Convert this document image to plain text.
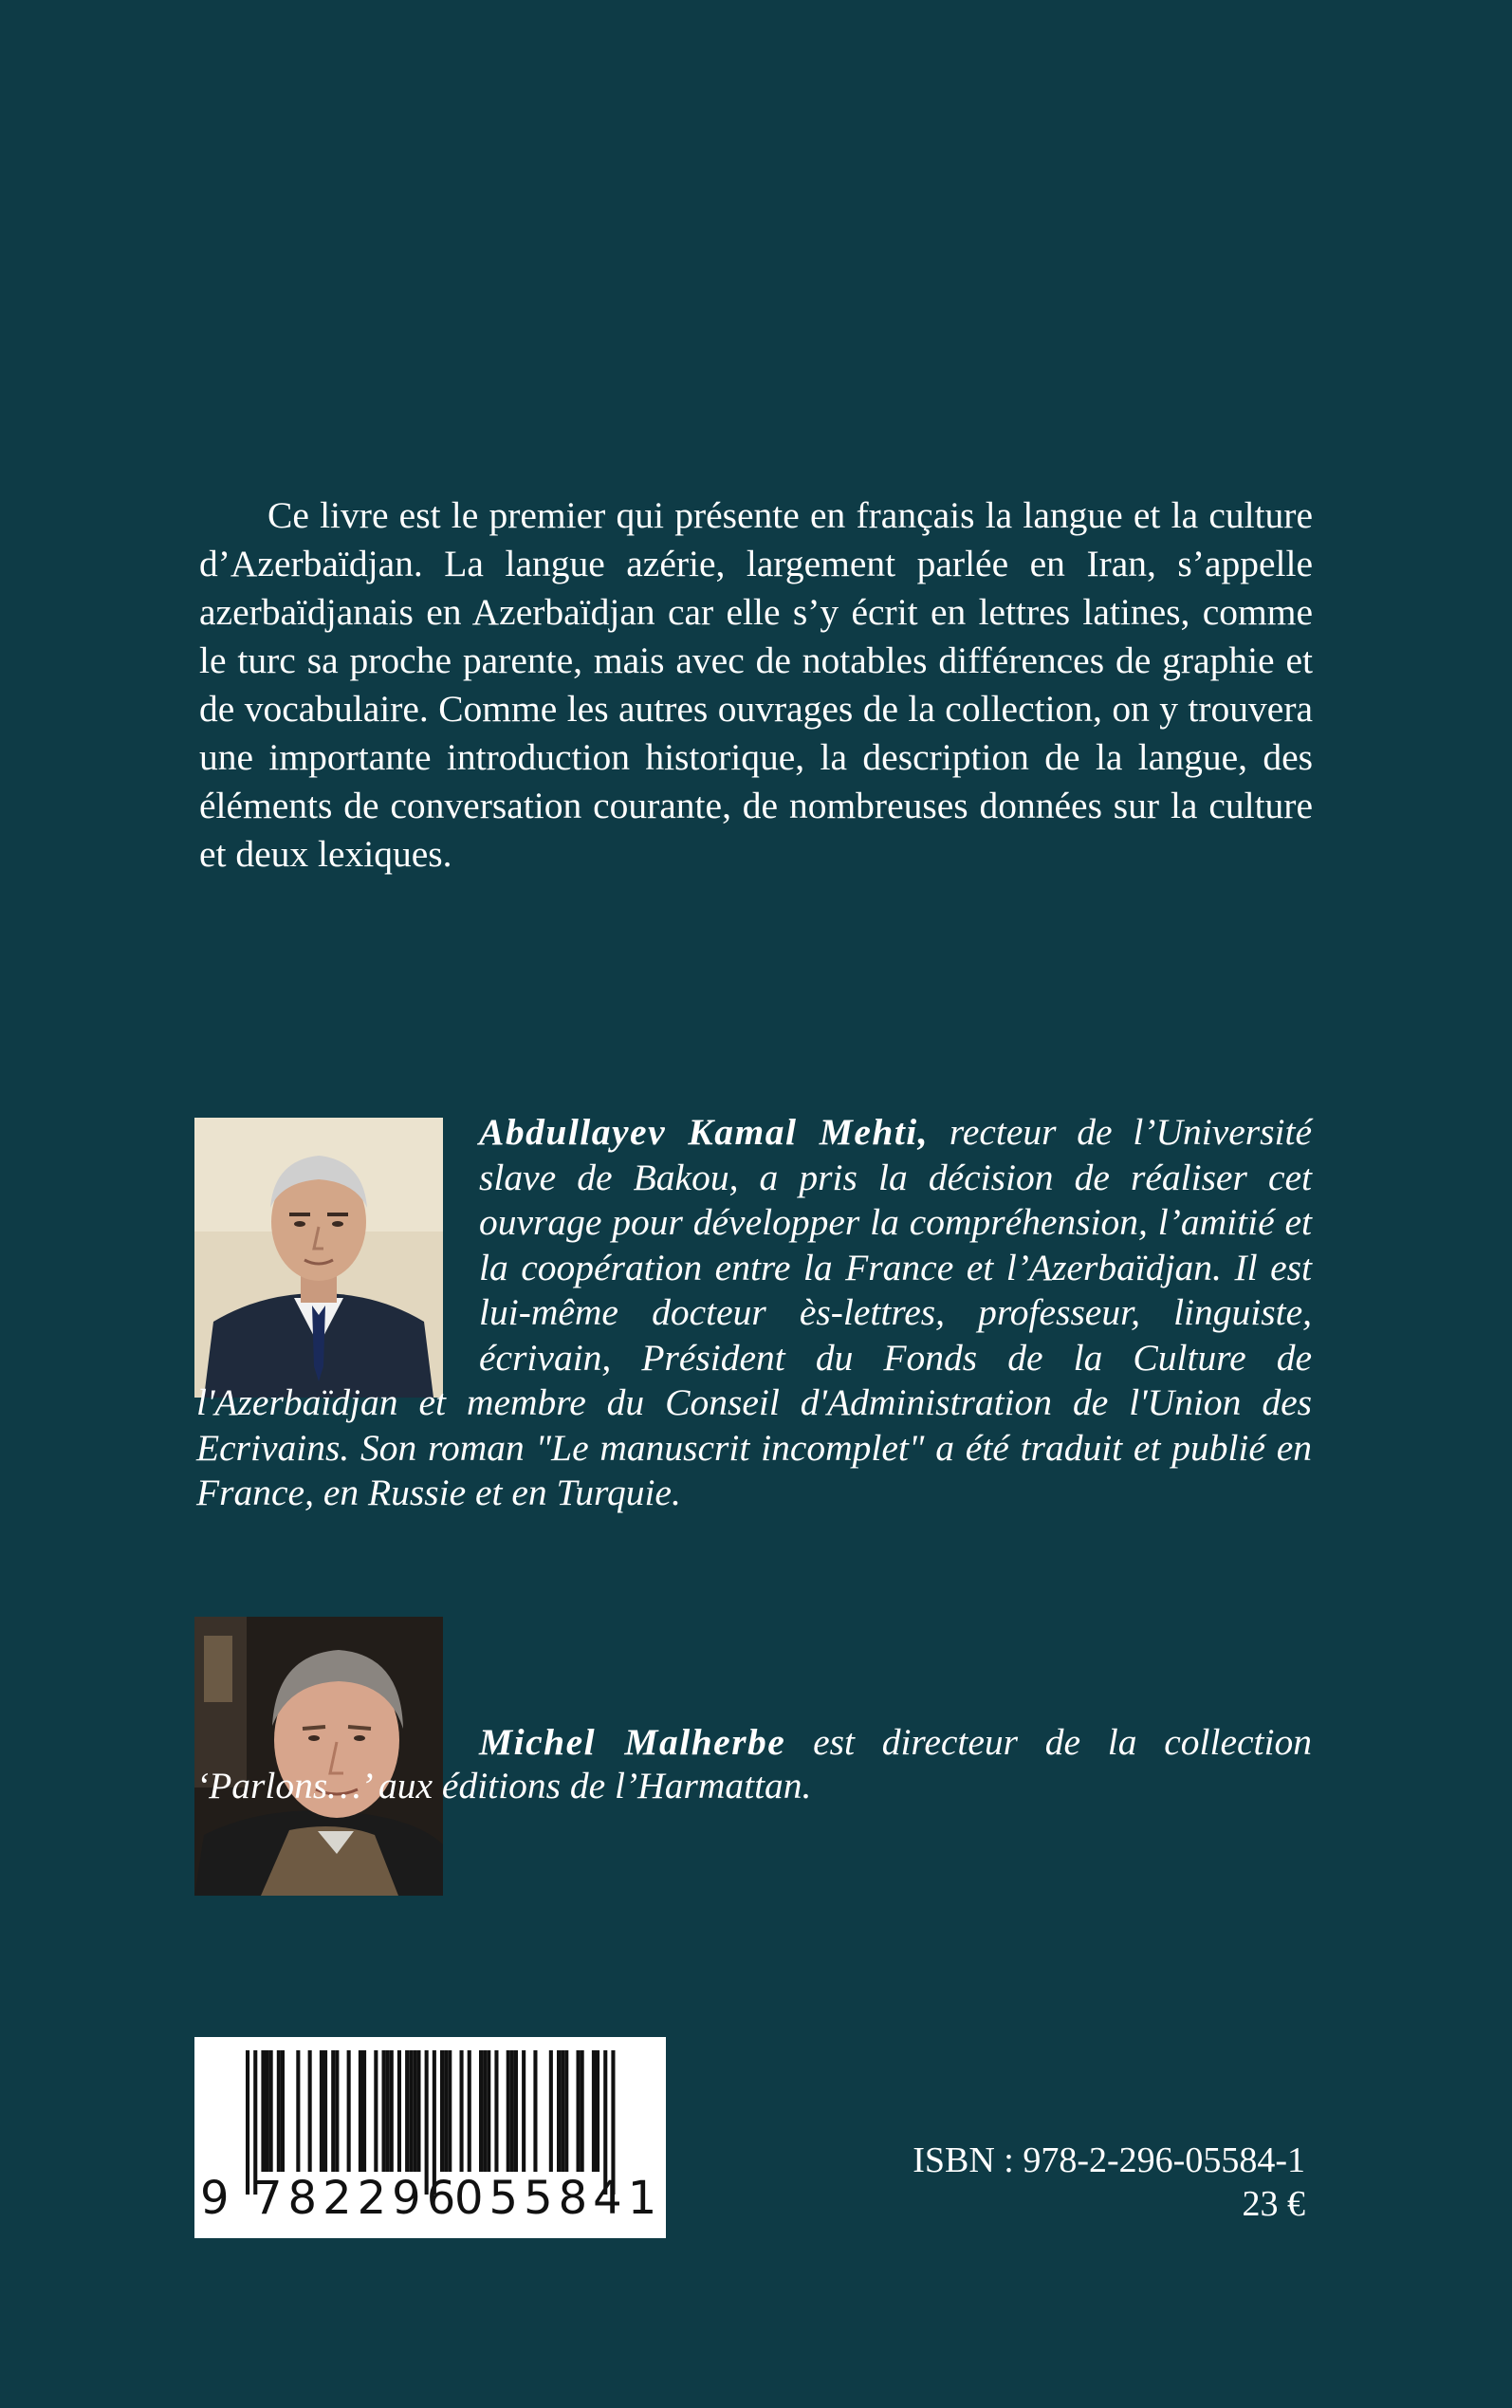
Ce livre est le premier qui présente en français la langue et la culture d’Azerbaïdjan. La langue azérie, largement parlée en Iran, s’appelle azerbaïdjanais en Azerbaïdjan car elle s’y écrit en lettres latines, comme le turc sa proche parente, mais avec de notables différences de graphie et de vocabulaire. Comme les autres ouvrages de la collection, on y trouvera une importante introduction historique, la description de la langue, des éléments de conversation courante, de nombreuses données sur la culture et deux lexiques.

Abdullayev Kamal Mehti, recteur de l’Université slave de Bakou, a pris la décision de réaliser cet ouvrage pour développer la compréhension, l’amitié et la coopération entre la France et l’Azerbaïdjan. Il est lui-même docteur ès-lettres, professeur, linguiste, écrivain, Président du Fonds de la Culture de l'Azerbaïdjan et membre du Conseil d'Administration de l'Union des Ecrivains. Son roman "Le manuscrit incomplet" a été traduit et publié en France, en Russie et en Turquie.

Michel Malherbe est directeur de la collection ‘Parlons…’ aux éditions de l’Harmattan.

9 782296
055841

ISBN : 978-2-296-05584-1

23 €
